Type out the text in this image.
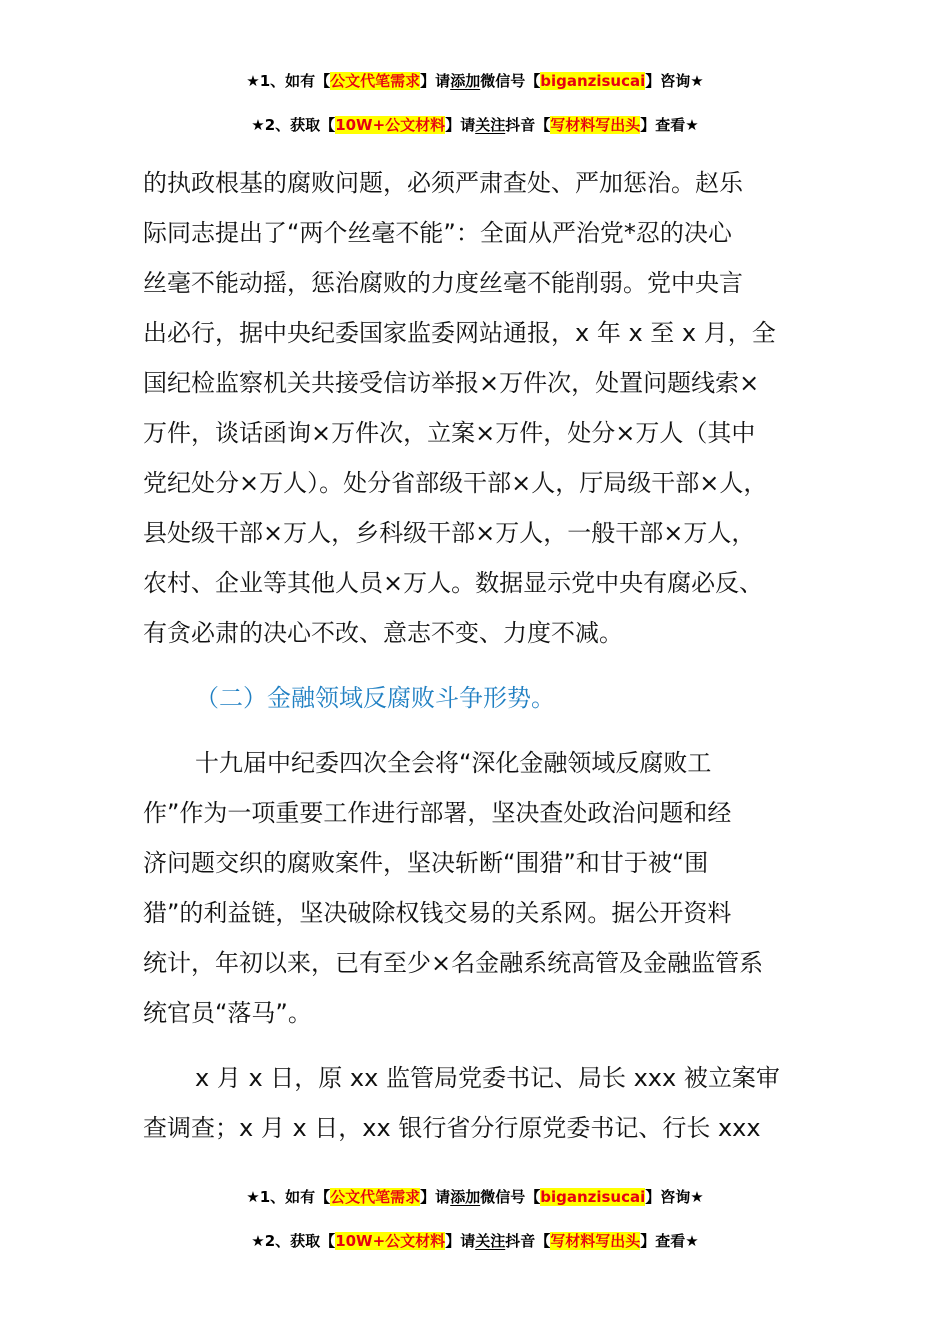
★1、如有【公文代笔需求】请添加微信号【biganzisucai】咨询★
★2、获取【10W+公文材料】请关注抖音【写材料写出头】查看★
的执政根基的腐败问题，必须严肃查处、严加惩治。赵乐
际同志提出了“两个丝毫不能”：全面从严治党*忍的决心
丝毫不能动摇，惩治腐败的力度丝毫不能削弱。党中央言
出必行，据中央纪委国家监委网站通报，x 年 x 至 x 月，全
国纪检监察机关共接受信访举报×万件次，处置问题线索×
万件，谈话函询×万件次，立案×万件，处分×万人（其中
党纪处分×万人）。处分省部级干部×人，厅局级干部×人，
县处级干部×万人，乡科级干部×万人，一般干部×万人，
农村、企业等其他人员×万人。数据显示党中央有腐必反、
有贪必肃的决心不改、意志不变、力度不减。
（二）金融领域反腐败斗争形势。
十九届中纪委四次全会将“深化金融领域反腐败工
作”作为一项重要工作进行部署，坚决查处政治问题和经
济问题交织的腐败案件，坚决斩断“围猎”和甘于被“围
猎”的利益链，坚决破除权钱交易的关系网。据公开资料
统计，年初以来，已有至少×名金融系统高管及金融监管系
统官员“落马”。
x 月 x 日，原 xx 监管局党委书记、局长 xxx 被立案审
查调查；x 月 x 日，xx 银行省分行原党委书记、行长 xxx
★1、如有【公文代笔需求】请添加微信号【biganzisucai】咨询★
★2、获取【10W+公文材料】请关注抖音【写材料写出头】查看★
